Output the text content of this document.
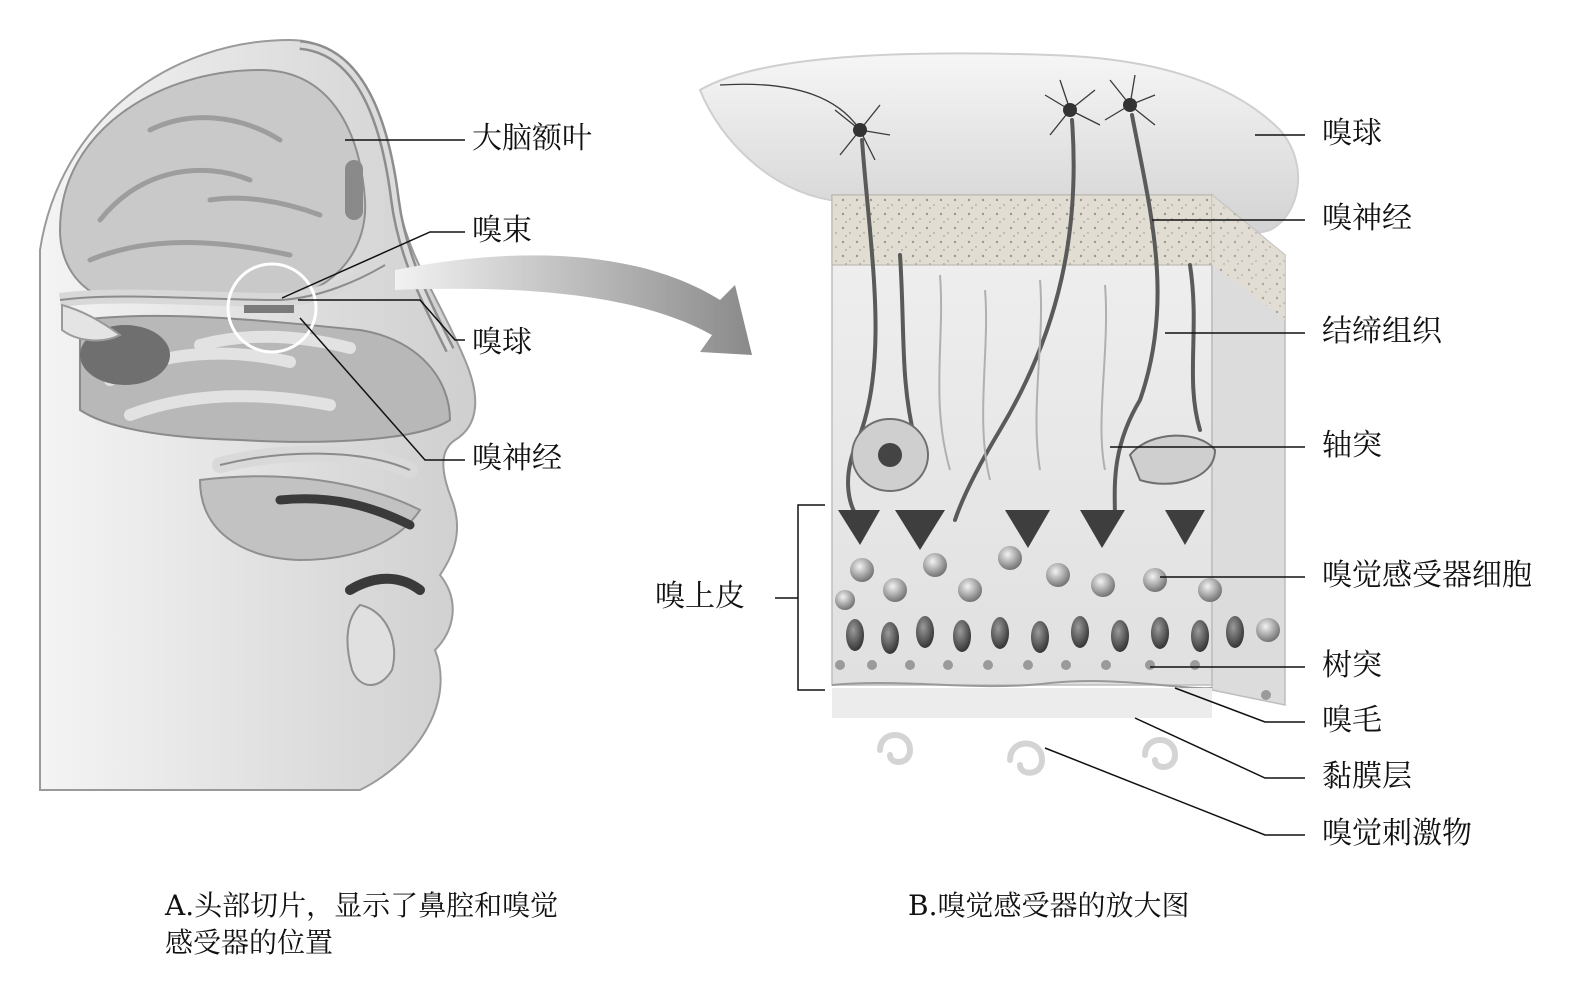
大脑额叶
嗅束
嗅球
嗅神经
嗅球
嗅神经
结缔组织
轴突
嗅上皮
嗅觉感受器细胞
树突
嗅毛
黏膜层
嗅觉刺激物
A.头部切片，显示了鼻腔和嗅觉
感受器的位置
B.嗅觉感受器的放大图
